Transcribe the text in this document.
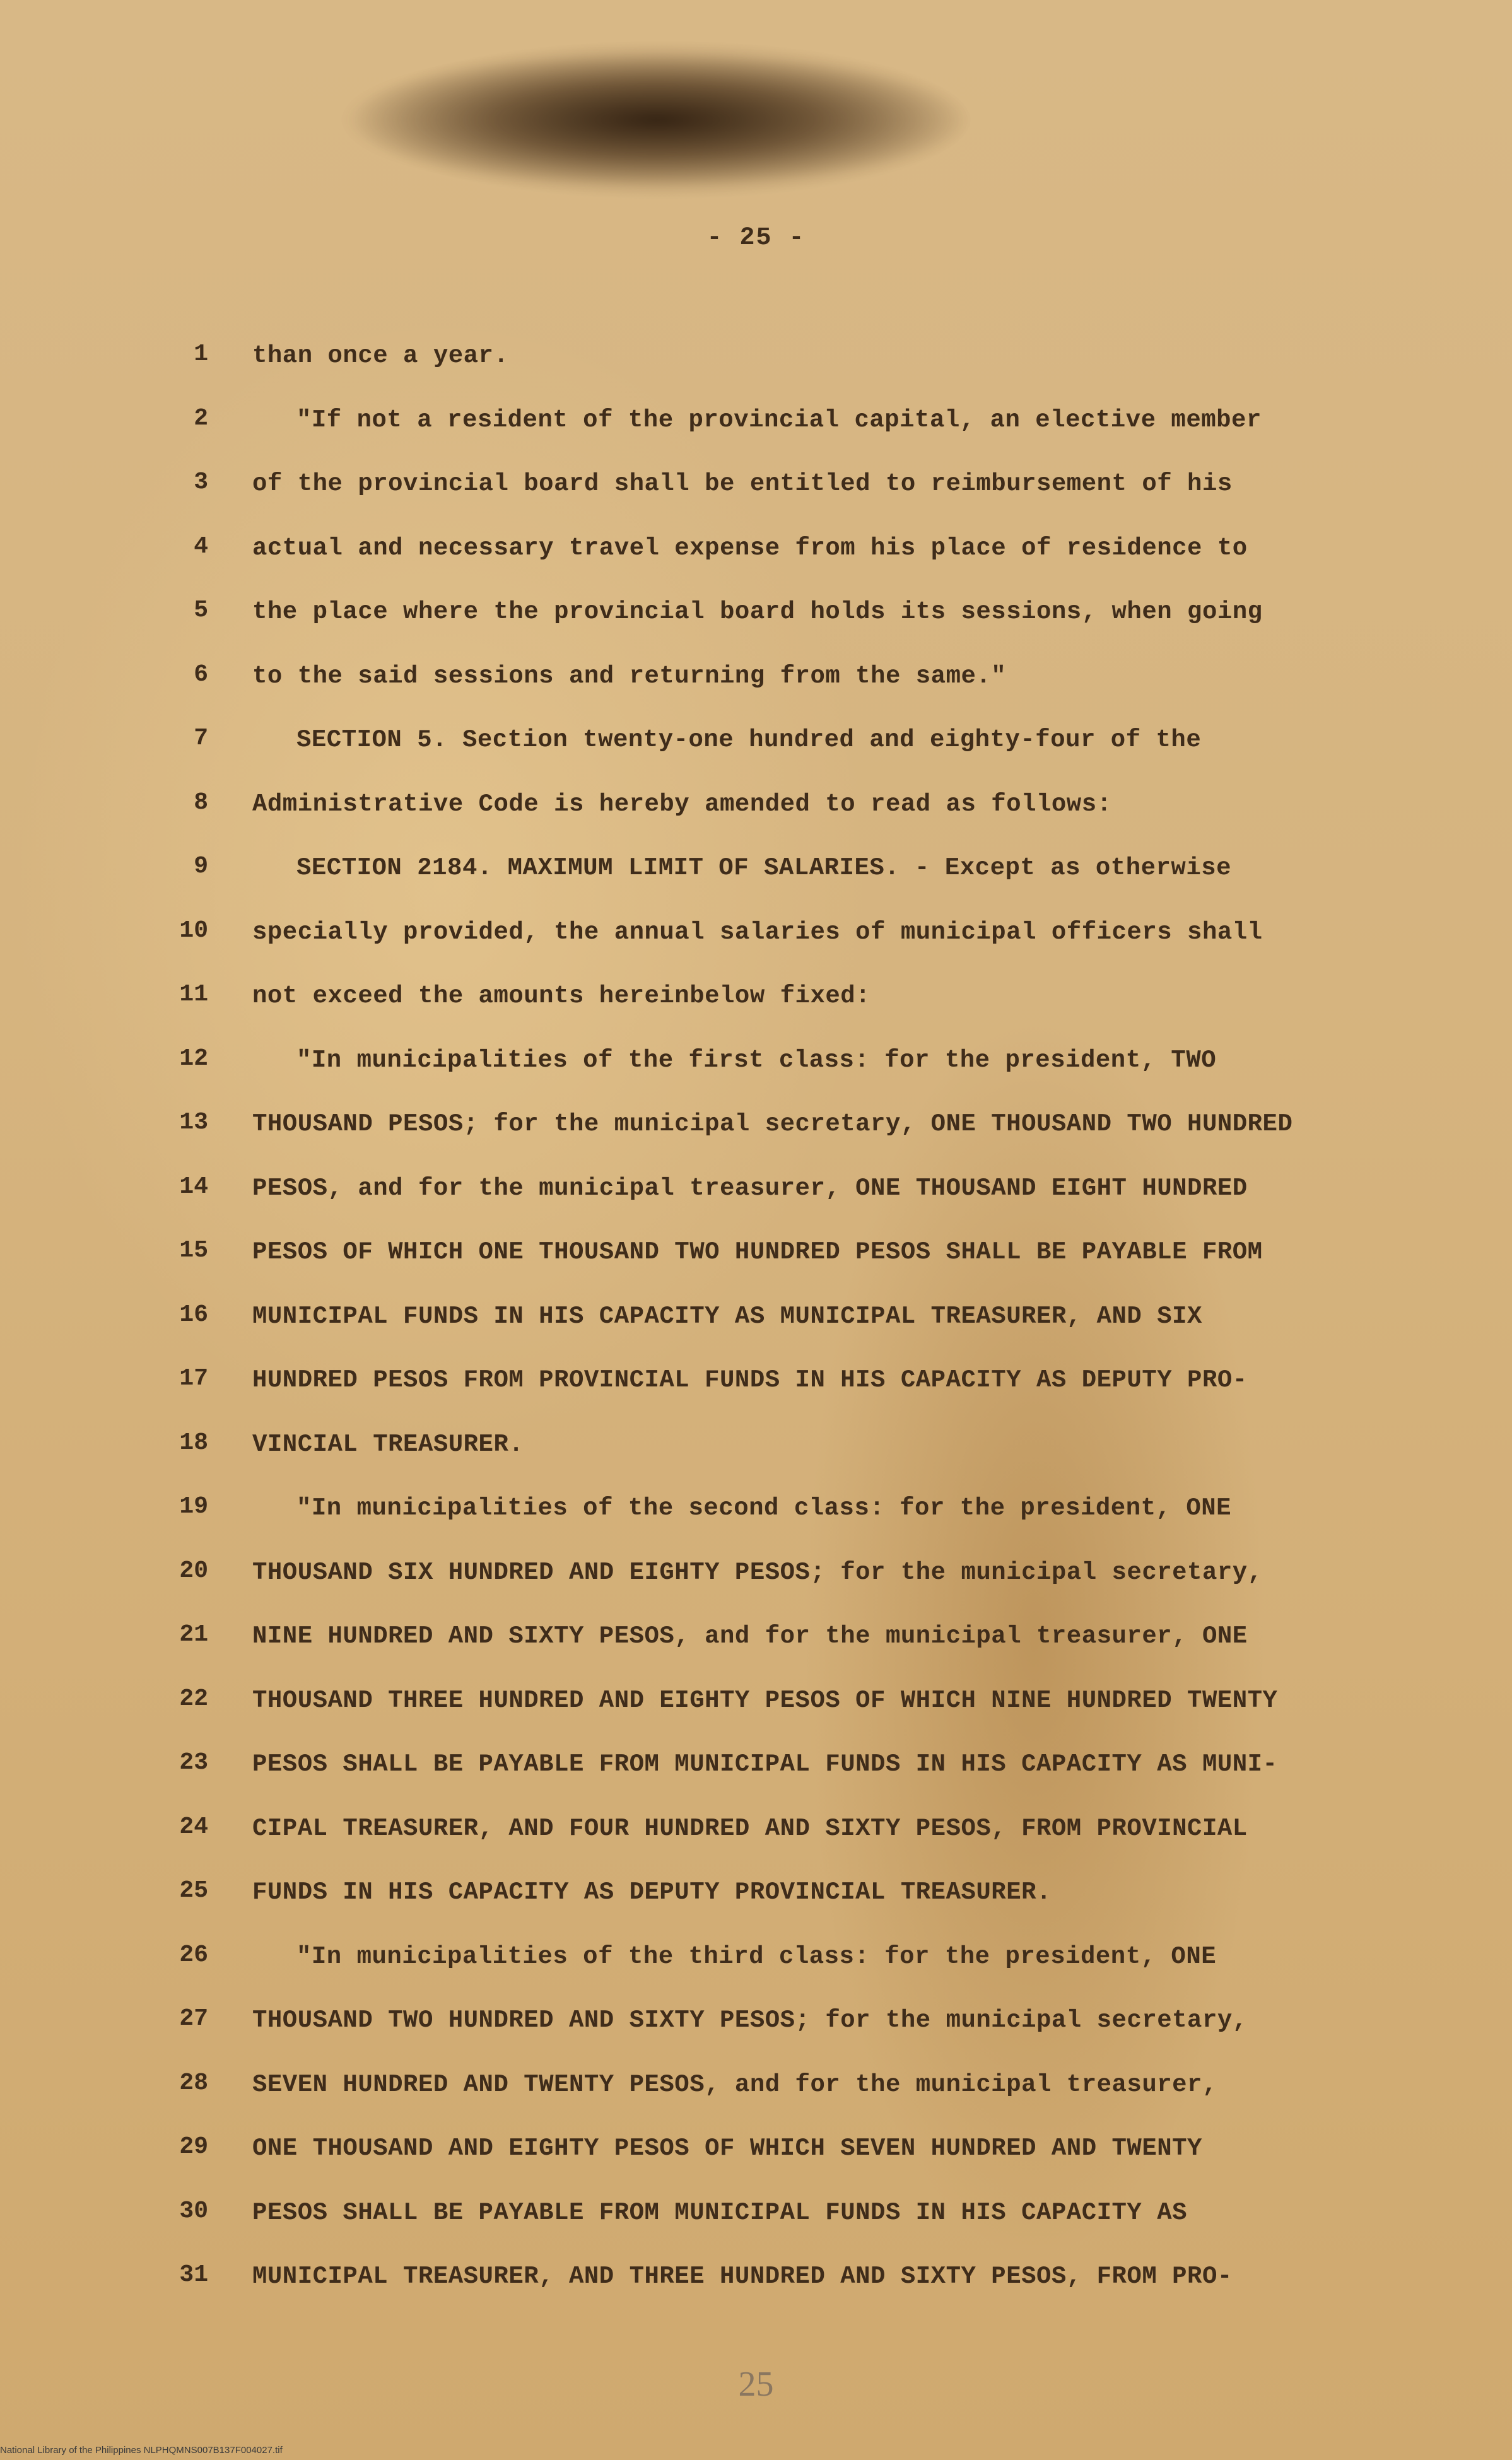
- 25 -
1 than once a year.
2	"If not a resident of the provincial capital, an elective member
3 of the provincial board shall be entitled to reimbursement of his
4 actual and necessary travel expense from his place of residence to
5 the place where the provincial board holds its sessions, when going
6 to the said sessions and returning from the same."
7	SECTION 5. Section twenty-one hundred and eighty-four of the
8 Administrative Code is hereby amended to read as follows:
9	SECTION 2184. MAXIMUM LIMIT OF SALARIES. - Except as otherwise
10 specially provided, the annual salaries of municipal officers shall
11 not exceed the amounts hereinbelow fixed:
12	"In municipalities of the first class: for the president, TWO
13 THOUSAND PESOS; for the municipal secretary, ONE THOUSAND TWO HUNDRED
14 PESOS, and for the municipal treasurer, ONE THOUSAND EIGHT HUNDRED
15 PESOS OF WHICH ONE THOUSAND TWO HUNDRED PESOS SHALL BE PAYABLE FROM
16 MUNICIPAL FUNDS IN HIS CAPACITY AS MUNICIPAL TREASURER, AND SIX
17 HUNDRED PESOS FROM PROVINCIAL FUNDS IN HIS CAPACITY AS DEPUTY PRO-
18 VINCIAL TREASURER.
19	"In municipalities of the second class: for the president, ONE
20 THOUSAND SIX HUNDRED AND EIGHTY PESOS; for the municipal secretary,
21 NINE HUNDRED AND SIXTY PESOS, and for the municipal treasurer, ONE
22 THOUSAND THREE HUNDRED AND EIGHTY PESOS OF WHICH NINE HUNDRED TWENTY
23 PESOS SHALL BE PAYABLE FROM MUNICIPAL FUNDS IN HIS CAPACITY AS MUNI-
24 CIPAL TREASURER, AND FOUR HUNDRED AND SIXTY PESOS, FROM PROVINCIAL
25 FUNDS IN HIS CAPACITY AS DEPUTY PROVINCIAL TREASURER.
26	"In municipalities of the third class: for the president, ONE
27 THOUSAND TWO HUNDRED AND SIXTY PESOS; for the municipal secretary,
28 SEVEN HUNDRED AND TWENTY PESOS, and for the municipal treasurer,
29 ONE THOUSAND AND EIGHTY PESOS OF WHICH SEVEN HUNDRED AND TWENTY
30 PESOS SHALL BE PAYABLE FROM MUNICIPAL FUNDS IN HIS CAPACITY AS
31 MUNICIPAL TREASURER, AND THREE HUNDRED AND SIXTY PESOS, FROM PRO-
25
National Library of the Philippines NLPHQMNS007B137F004027.tif
